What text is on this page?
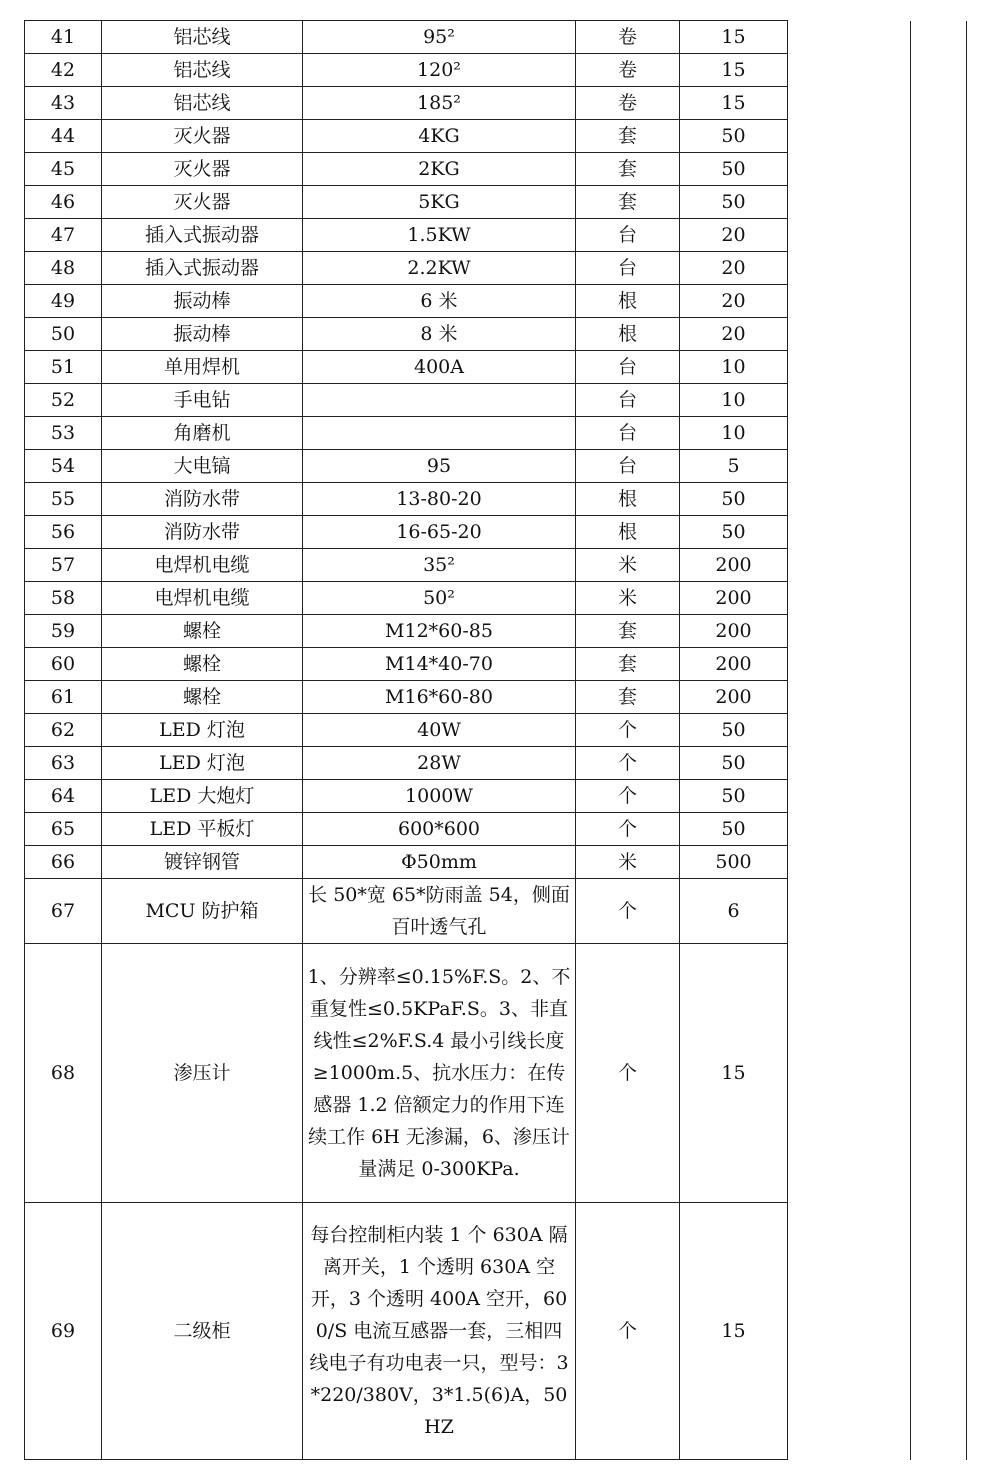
41	铝芯线	95²	卷	15		
42	铝芯线	120²	卷	15		
43	铝芯线	185²	卷	15		
44	灭火器	4KG	套	50		
45	灭火器	2KG	套	50		
46	灭火器	5KG	套	50		
47	插入式振动器	1.5KW	台	20		
48	插入式振动器	2.2KW	台	20		
49	振动棒	6 米	根	20		
50	振动棒	8 米	根	20		
51	单用焊机	400A	台	10		
52	手电钻		台	10		
53	角磨机		台	10		
54	大电镐	95	台	5		
55	消防水带	13-80-20	根	50		
56	消防水带	16-65-20	根	50		
57	电焊机电缆	35²	米	200		
58	电焊机电缆	50²	米	200		
59	螺栓	M12*60-85	套	200		
60	螺栓	M14*40-70	套	200		
61	螺栓	M16*60-80	套	200		
62	LED 灯泡	40W	个	50		
63	LED 灯泡	28W	个	50		
64	LED 大炮灯	1000W	个	50		
65	LED 平板灯	600*600	个	50		
66	镀锌钢管	Φ50mm	米	500		
67	MCU 防护箱	长 50*宽 65*防雨盖 54，侧面百叶透气孔	个	6		
68	渗压计	1、分辨率≤0.15%F.S。2、不重复性≤0.5KPaF.S。3、非直线性≤2%F.S.4 最小引线长度≥1000m.5、抗水压力：在传感器 1.2 倍额定力的作用下连续工作 6H 无渗漏，6、渗压计量满足 0-300KPa.	个	15		
69	二级柜	每台控制柜内装 1 个 630A 隔离开关，1 个透明 630A 空开，3 个透明 400A 空开，600/S 电流互感器一套，三相四线电子有功电表一只，型号：3*220/380V，3*1.5(6)A，50HZ	个	15		
